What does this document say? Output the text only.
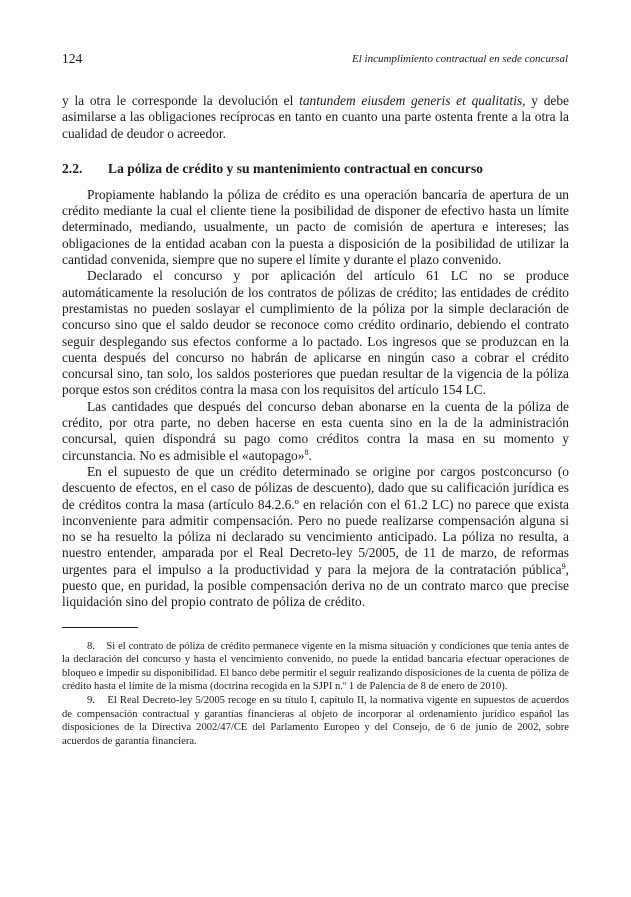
124	El incumplimiento contractual en sede concursal

y la otra le corresponde la devolución el tantundem eiusdem generis et qualitatis, y debe asimilarse a las obligaciones recíprocas en tanto en cuanto una parte ostenta frente a la otra la cualidad de deudor o acreedor.

2.2. La póliza de crédito y su mantenimiento contractual en concurso

Propiamente hablando la póliza de crédito es una operación bancaria de apertura de un crédito mediante la cual el cliente tiene la posibilidad de disponer de efectivo hasta un límite determinado, mediando, usualmente, un pacto de comisión de apertura e intereses; las obligaciones de la entidad acaban con la puesta a disposición de la posibilidad de utilizar la cantidad convenida, siempre que no supere el límite y durante el plazo convenido.

Declarado el concurso y por aplicación del artículo 61 LC no se produce automáticamente la resolución de los contratos de pólizas de crédito; las entidades de crédito prestamistas no pueden soslayar el cumplimiento de la póliza por la simple declaración de concurso sino que el saldo deudor se reconoce como crédito ordinario, debiendo el contrato seguir desplegando sus efectos conforme a lo pactado. Los ingresos que se produzcan en la cuenta después del concurso no habrán de aplicarse en ningún caso a cobrar el crédito concursal sino, tan solo, los saldos posteriores que puedan resultar de la vigencia de la póliza porque estos son créditos contra la masa con los requisitos del artículo 154 LC.

Las cantidades que después del concurso deban abonarse en la cuenta de la póliza de crédito, por otra parte, no deben hacerse en esta cuenta sino en la de la administración concursal, quien dispondrá su pago como créditos contra la masa en su momento y circunstancia. No es admisible el «autopago»$^8$.

En el supuesto de que un crédito determinado se origine por cargos postconcurso (o descuento de efectos, en el caso de pólizas de descuento), dado que su calificación jurídica es de créditos contra la masa (artículo 84.2.6.º en relación con el 61.2 LC) no parece que exista inconveniente para admitir compensación. Pero no puede realizarse compensación alguna si no se ha resuelto la póliza ni declarado su vencimiento anticipado. La póliza no resulta, a nuestro entender, amparada por el Real Decreto-ley 5/2005, de 11 de marzo, de reformas urgentes para el impulso a la productividad y para la mejora de la contratación pública$^9$, puesto que, en puridad, la posible compensación deriva no de un contrato marco que precise liquidación sino del propio contrato de póliza de crédito.

8. Si el contrato de póliza de crédito permanece vigente en la misma situación y condiciones que tenía antes de la declaración del concurso y hasta el vencimiento convenido, no puede la entidad bancaria efectuar operaciones de bloqueo e impedir su disponibilidad. El banco debe permitir el seguir realizando disposiciones de la cuenta de póliza de crédito hasta el límite de la misma (doctrina recogida en la SJPI n.º 1 de Palencia de 8 de enero de 2010).

9. El Real Decreto-ley 5/2005 recoge en su título I, capítulo II, la normativa vigente en supuestos de acuerdos de compensación contractual y garantías financieras al objeto de incorporar al ordenamiento jurídico español las disposiciones de la Directiva 2002/47/CE del Parlamento Europeo y del Consejo, de 6 de junio de 2002, sobre acuerdos de garantía financiera.
